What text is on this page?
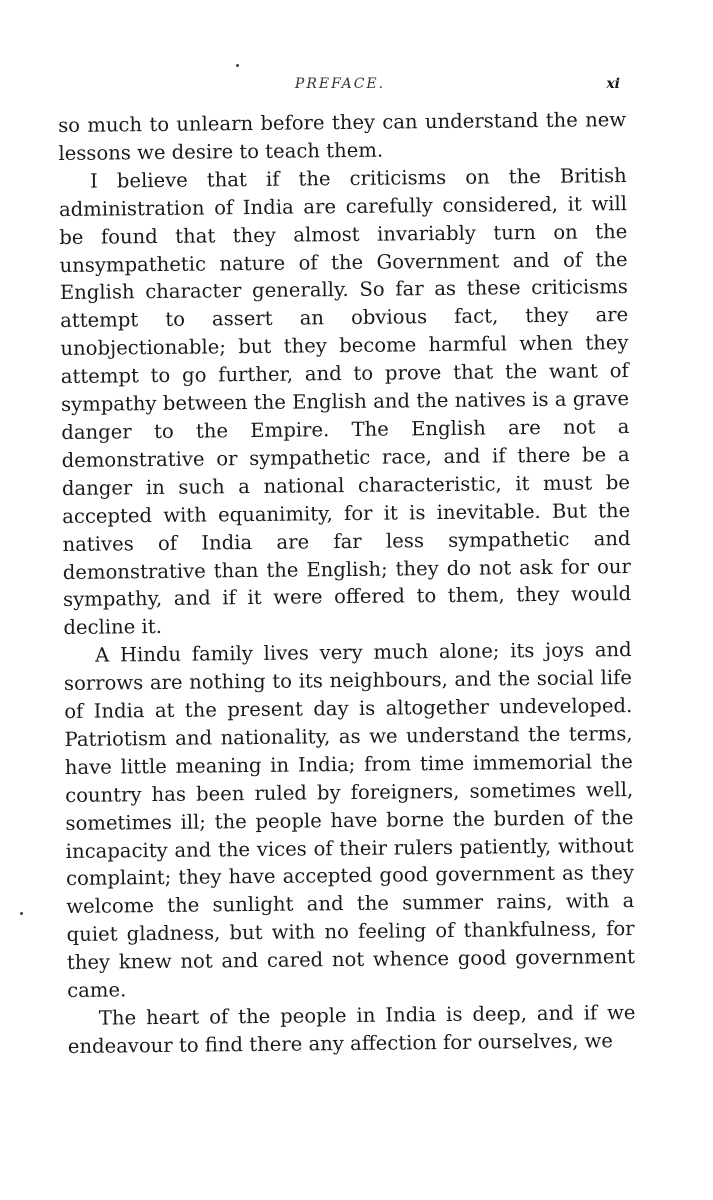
PREFACE.	xi

so much to unlearn before they can understand the new lessons we desire to teach them.

I believe that if the criticisms on the British administration of India are carefully considered, it will be found that they almost invariably turn on the unsympathetic nature of the Government and of the English character generally. So far as these criticisms attempt to assert an obvious fact, they are unobjectionable; but they become harmful when they attempt to go further, and to prove that the want of sympathy between the English and the natives is a grave danger to the Empire. The English are not a demonstrative or sympathetic race, and if there be a danger in such a national characteristic, it must be accepted with equanimity, for it is inevitable. But the natives of India are far less sympathetic and demonstrative than the English; they do not ask for our sympathy, and if it were offered to them, they would decline it.

A Hindu family lives very much alone; its joys and sorrows are nothing to its neighbours, and the social life of India at the present day is altogether undeveloped. Patriotism and nationality, as we understand the terms, have little meaning in India; from time immemorial the country has been ruled by foreigners, sometimes well, sometimes ill; the people have borne the burden of the incapacity and the vices of their rulers patiently, without complaint; they have accepted good government as they welcome the sunlight and the summer rains, with a quiet gladness, but with no feeling of thankfulness, for they knew not and cared not whence good government came.

The heart of the people in India is deep, and if we endeavour to find there any affection for ourselves, we
